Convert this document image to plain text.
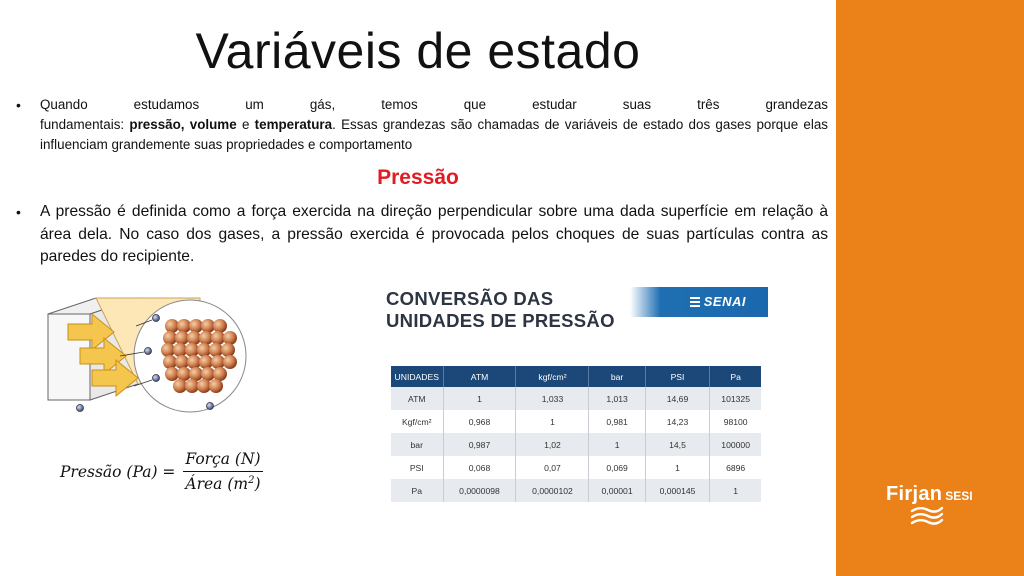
Variáveis de estado
• Quando estudamos um gás, temos que estudar suas três grandezas
fundamentais: pressão, volume e temperatura. Essas grandezas são chamadas de variáveis de estado dos gases porque elas influenciam grandemente suas propriedades e comportamento
Pressão
• A pressão é definida como a força exercida na direção perpendicular sobre uma dada superfície em relação à área dela. No caso dos gases, a pressão exercida é provocada pelos choques de suas partículas contra as paredes do recipiente.
Pressão $(Pa) = \frac{\text{Força (N)}}{Área (m^2)}$
CONVERSÃO DAS
UNIDADES DE PRESSÃO
SENAI
UNIDADES	ATM	kgf/cm²	bar	PSI	Pa
ATM	1	1,033	1,013	14,69	101325
Kgf/cm²	0,968	1	0,981	14,23	98100
bar	0,987	1,02	1	14,5	100000
PSI	0,068	0,07	0,069	1	6896
Pa	0,0000098	0,0000102	0,00001	0,000145	1	Firjan SESI
